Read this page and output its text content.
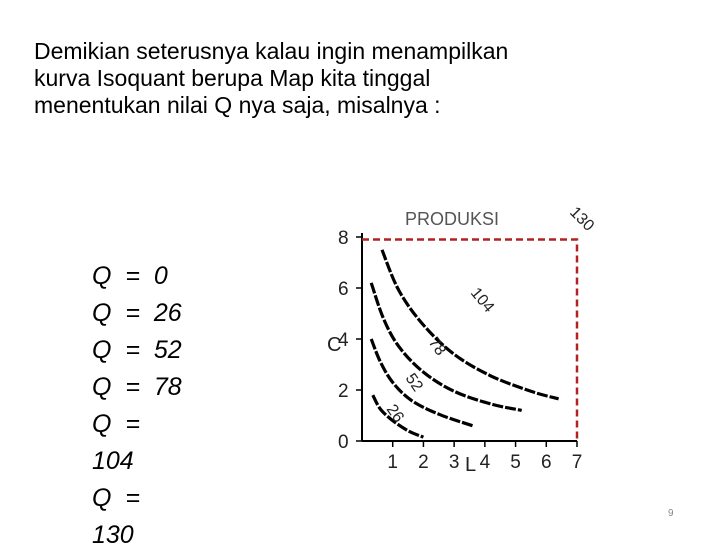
Demikian seterusnya kalau ingin menampilkan
kurva Isoquant berupa Map kita tinggal
menentukan nilai Q nya saja, misalnya :
Q  =  0
Q  =  26
Q  =  52
Q  =  78
Q  =
104
Q  =
130
0
2
4
6
8
1 2 3 4 5 6 7
C
L
PRODUKSI
26
52
78
104
130
9
